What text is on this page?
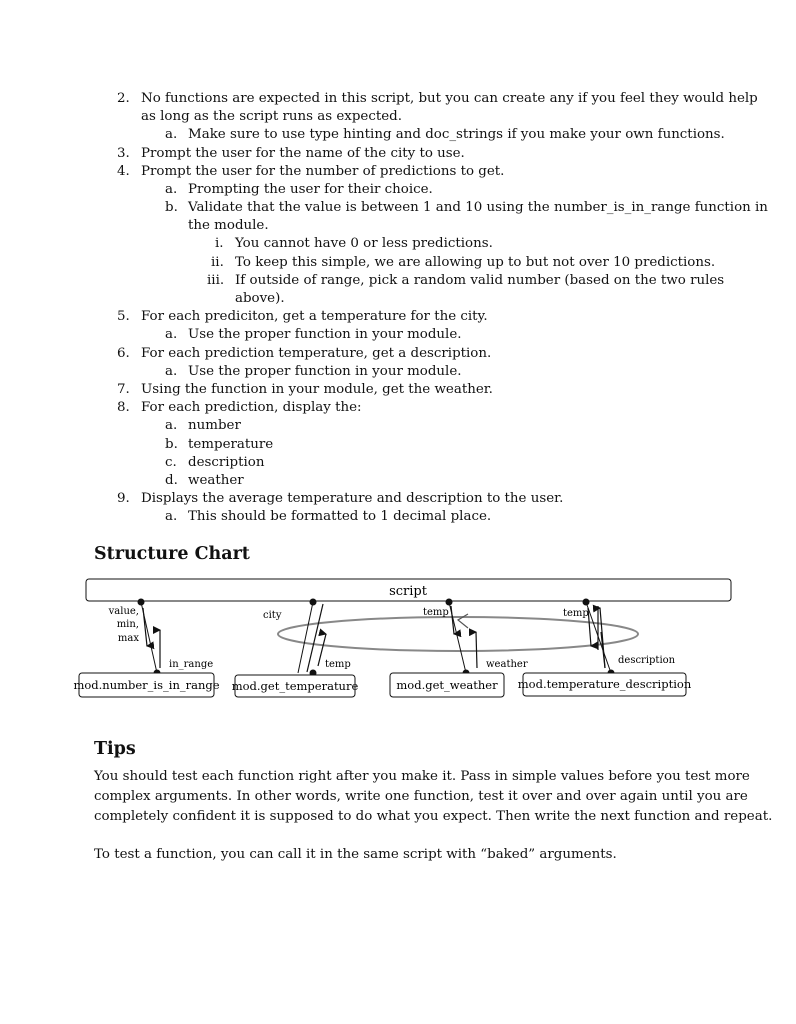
2. No functions are expected in this script, but you can create any if you feel they would help
as long as the script runs as expected.
a. Make sure to use type hinting and doc_strings if you make your own functions.
3. Prompt the user for the name of the city to use.
4. Prompt the user for the number of predictions to get.
a. Prompting the user for their choice.
b. Validate that the value is between 1 and 10 using the number_is_in_range function in
the module.
i. You cannot have 0 or less predictions.
ii. To keep this simple, we are allowing up to but not over 10 predictions.
iii. If outside of range, pick a random valid number (based on the two rules
above).
5. For each prediciton, get a temperature for the city.
a. Use the proper function in your module.
6. For each prediction temperature, get a description.
a. Use the proper function in your module.
7. Using the function in your module, get the weather.
8. For each prediction, display the:
a. number
b. temperature
c. description
d. weather
9. Displays the average temperature and description to the user.
a. This should be formatted to 1 decimal place.
Structure Chart
script
value,
min,
max
in_range
city
temp
temp
weather
temp
description
mod.number_is_in_range mod.get_temperature	mod.get_weather mod.temperature_description
Tips
You should test each function right after you make it. Pass in simple values before you test more
complex arguments. In other words, write one function, test it over and over again until you are
completely confident it is supposed to do what you expect. Then write the next function and repeat.
To test a function, you can call it in the same script with “baked” arguments.
